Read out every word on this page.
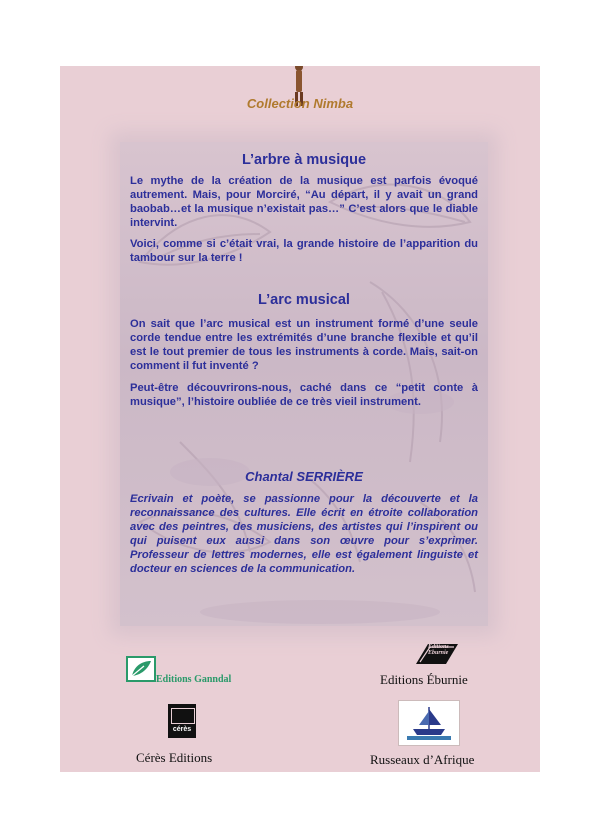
Collection Nimba
L’arbre à musique

Le mythe de la création de la musique est parfois évoqué autrement. Mais, pour Morciré, “Au départ, il y avait un grand baobab…et la musique n’existait pas…” C’est alors que le diable intervint.

Voici, comme si c’était vrai, la grande histoire de l’apparition du tambour sur la terre !

L’arc musical

On sait que l’arc musical est un instrument formé d’une seule corde tendue entre les extrémités d’une branche flexible et qu’il est le tout premier de tous les instruments à corde. Mais, sait-on comment il fut inventé ?

Peut-être découvrirons-nous, caché dans ce “petit conte à musique”, l’histoire oubliée de ce très vieil instrument.

Chantal SERRIÈRE
Ecrivain et poète, se passionne pour la découverte et la reconnaissance des cultures. Elle écrit en étroite collaboration avec des peintres, des musiciens, des artistes qui l’inspirent ou qui puisent eux aussi dans son œuvre pour s’exprimer. Professeur de lettres modernes, elle est également linguiste et docteur en sciences de la communication.
Editions Ganndal
Editions Eburnie
Editions Éburnie
cérès
Cérès Editions	Russeaux d’Afrique
